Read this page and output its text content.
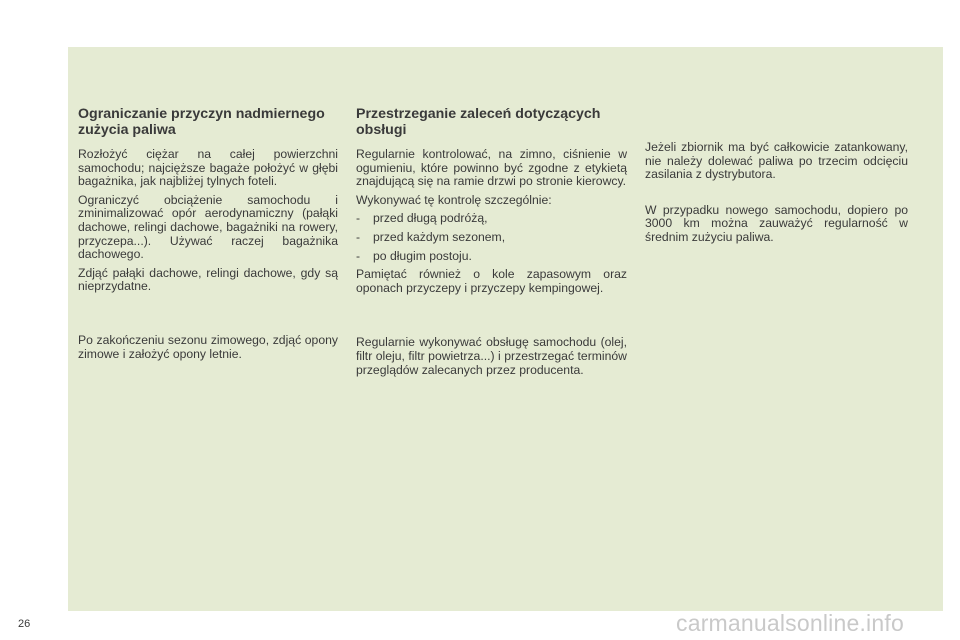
Ograniczanie przyczyn nadmiernego zużycia paliwa

Rozłożyć ciężar na całej powierzchni samochodu; najcięższe bagaże położyć w głębi bagażnika, jak najbliżej tylnych foteli.

Ograniczyć obciążenie samochodu i zminimalizować opór aerodynamiczny (pałąki dachowe, relingi dachowe, bagażniki na rowery, przyczepa...). Używać raczej bagażnika dachowego.

Zdjąć pałąki dachowe, relingi dachowe, gdy są nieprzydatne.

Po zakończeniu sezonu zimowego, zdjąć opony zimowe i założyć opony letnie.

Przestrzeganie zaleceń dotyczących obsługi

Regularnie kontrolować, na zimno, ciśnienie w ogumieniu, które powinno być zgodne z etykietą znajdującą się na ramie drzwi po stronie kierowcy.

Wykonywać tę kontrolę szczególnie:

-	przed długą podróżą,
-	przed każdym sezonem,
-	po długim postoju.

Pamiętać również o kole zapasowym oraz oponach przyczepy i przyczepy kempingowej.

Regularnie wykonywać obsługę samochodu (olej, filtr oleju, filtr powietrza...) i przestrzegać terminów przeglądów zalecanych przez producenta.

Jeżeli zbiornik ma być całkowicie zatankowany, nie należy dolewać paliwa po trzecim odcięciu zasilania z dystrybutora.

W przypadku nowego samochodu, dopiero po 3000 km można zauważyć regularność w średnim zużyciu paliwa.

26	carmanualsonline.info
